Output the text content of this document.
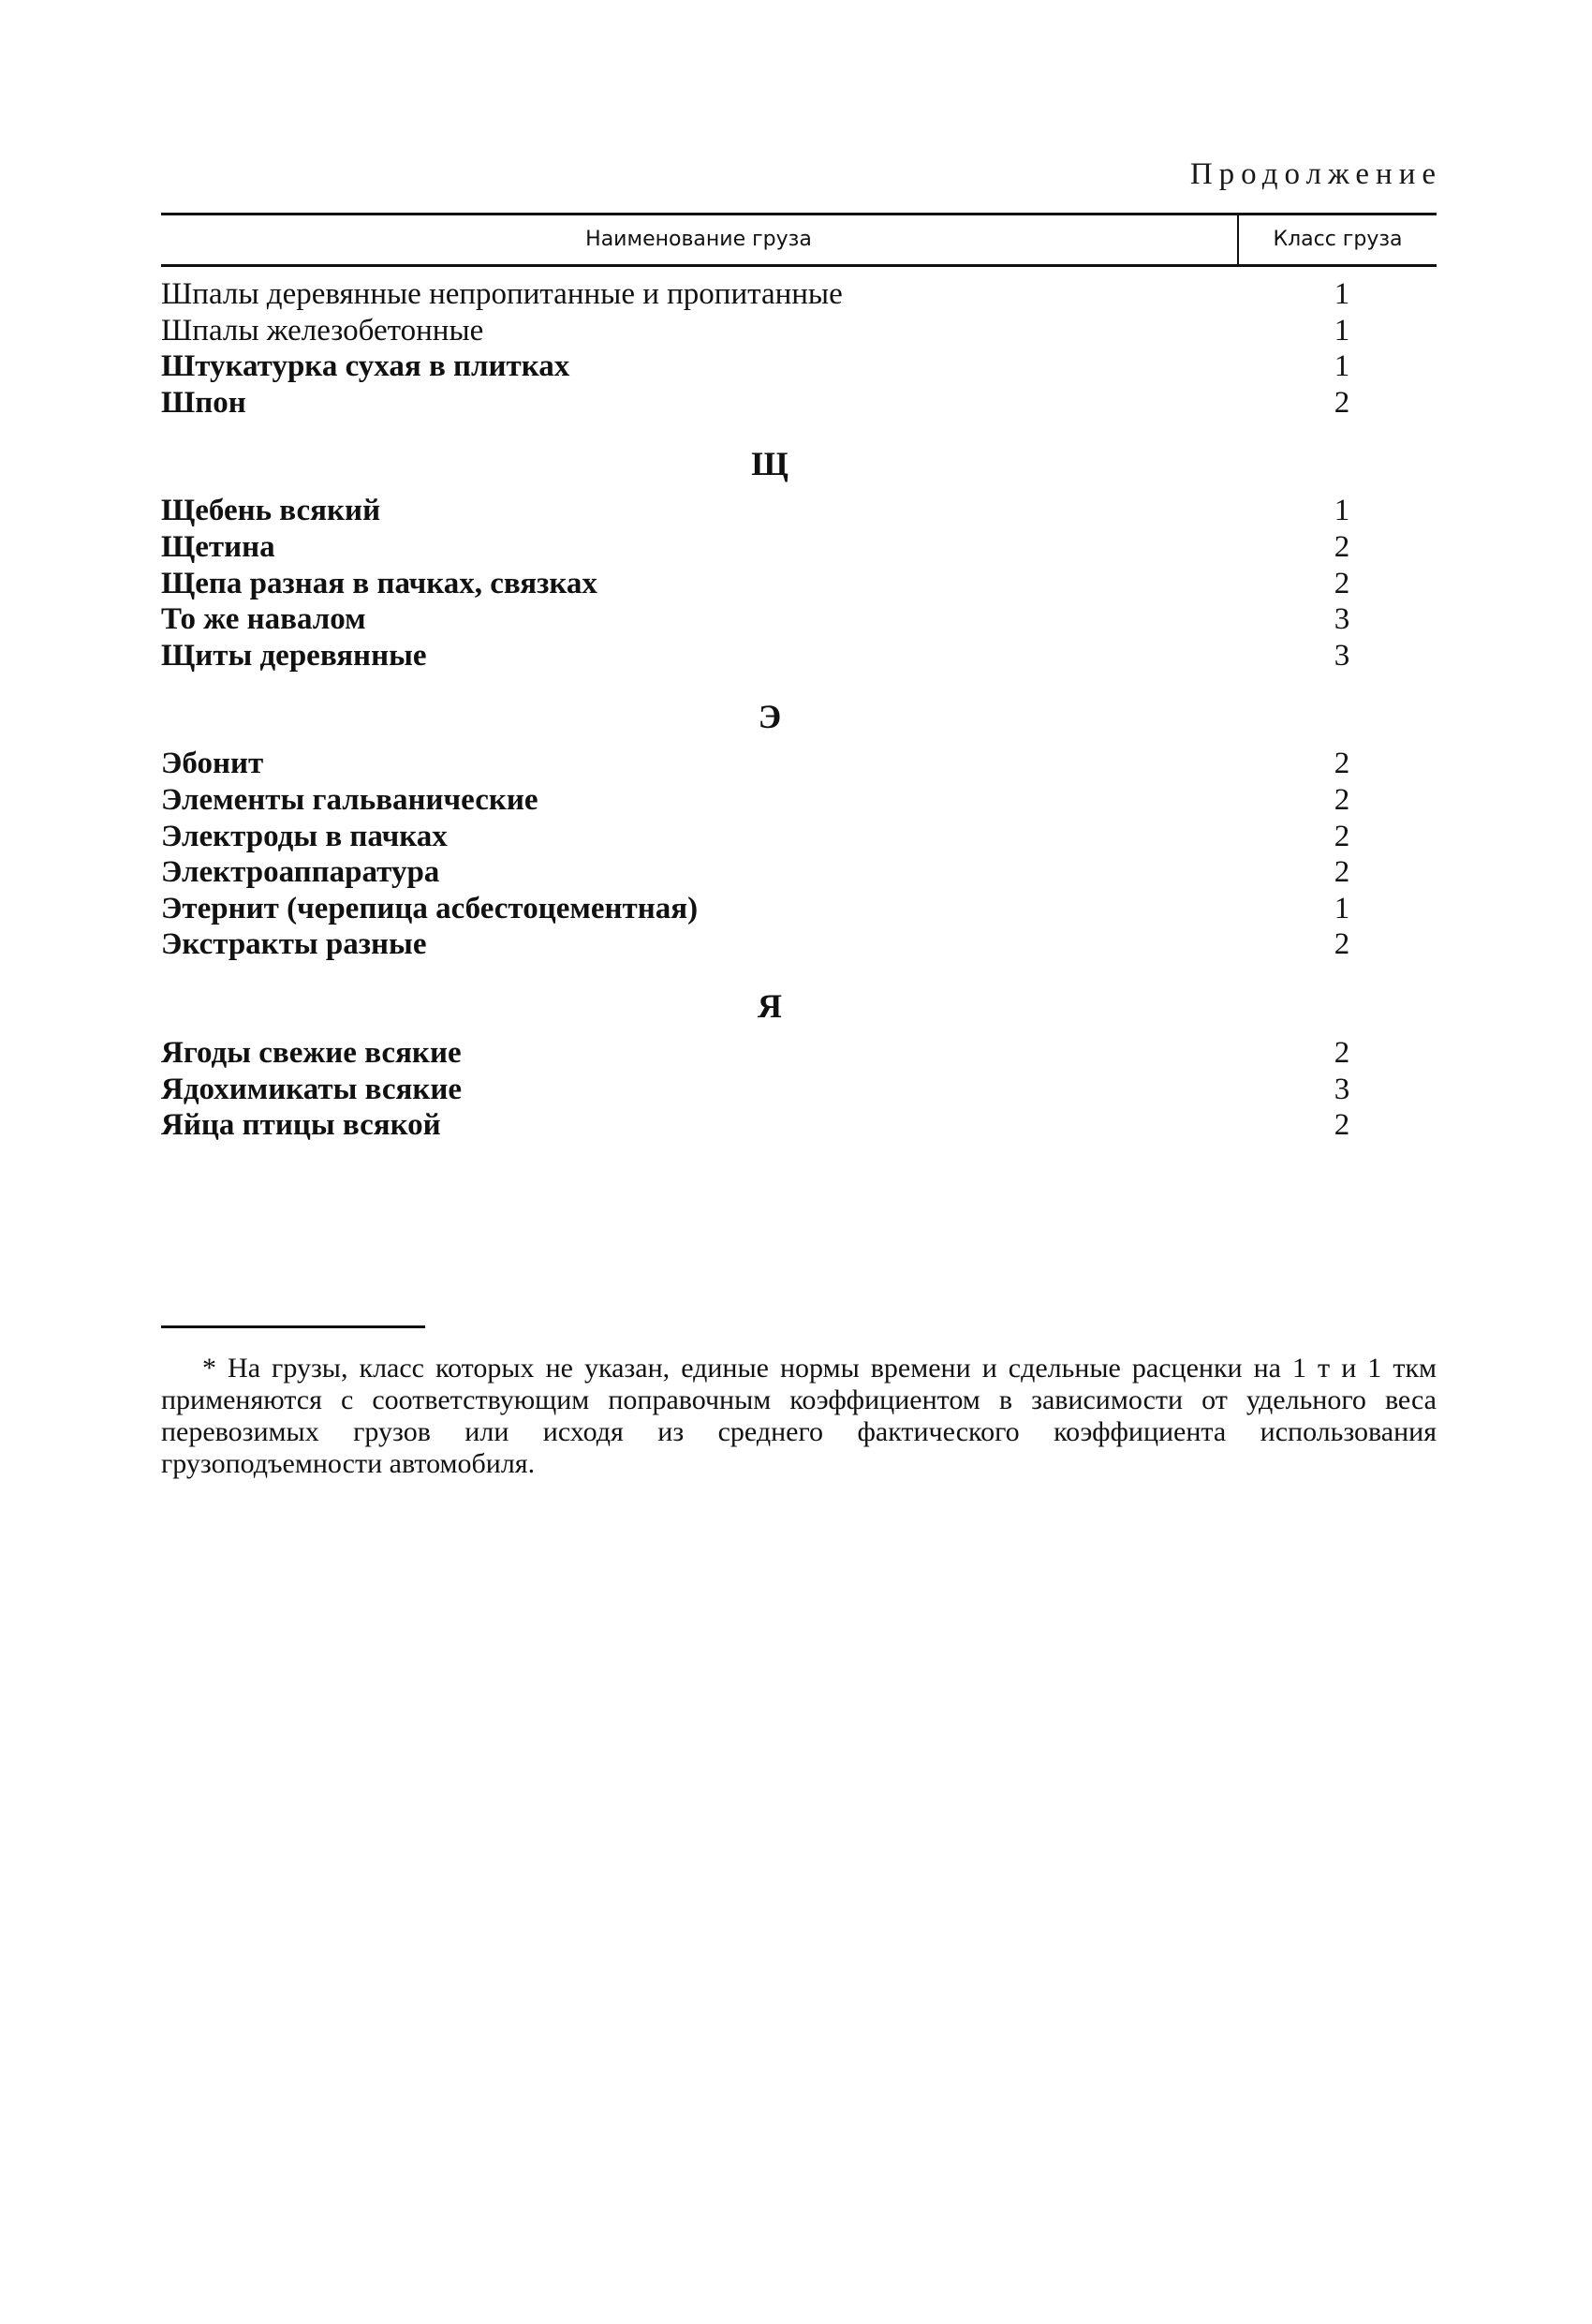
Продолжение
Наименование груза	Класс груза
Шпалы деревянные непропитанные и пропитанные	1
Шпалы железобетонные	1
Штукатурка сухая в плитках	1
Шпон	2
Щ
Щебень всякий	1
Щетина	2
Щепа разная в пачках, связках	2
То же навалом	3
Щиты деревянные	3
Э
Эбонит	2
Элементы гальванические	2
Электроды в пачках	2
Электроаппаратура	2
Этернит (черепица асбестоцементная)	1
Экстракты разные	2
Я
Ягоды свежие всякие	2
Ядохимикаты всякие	3
Яйца птицы всякой	2
* На грузы, класс которых не указан, единые нормы времени и сдельные расценки на 1 т и 1 ткм применяются с соответствующим поправочным коэффициентом в зависимости от удельного веса перевозимых грузов или исходя из среднего фактического коэффициента использования грузоподъемности автомобиля.
